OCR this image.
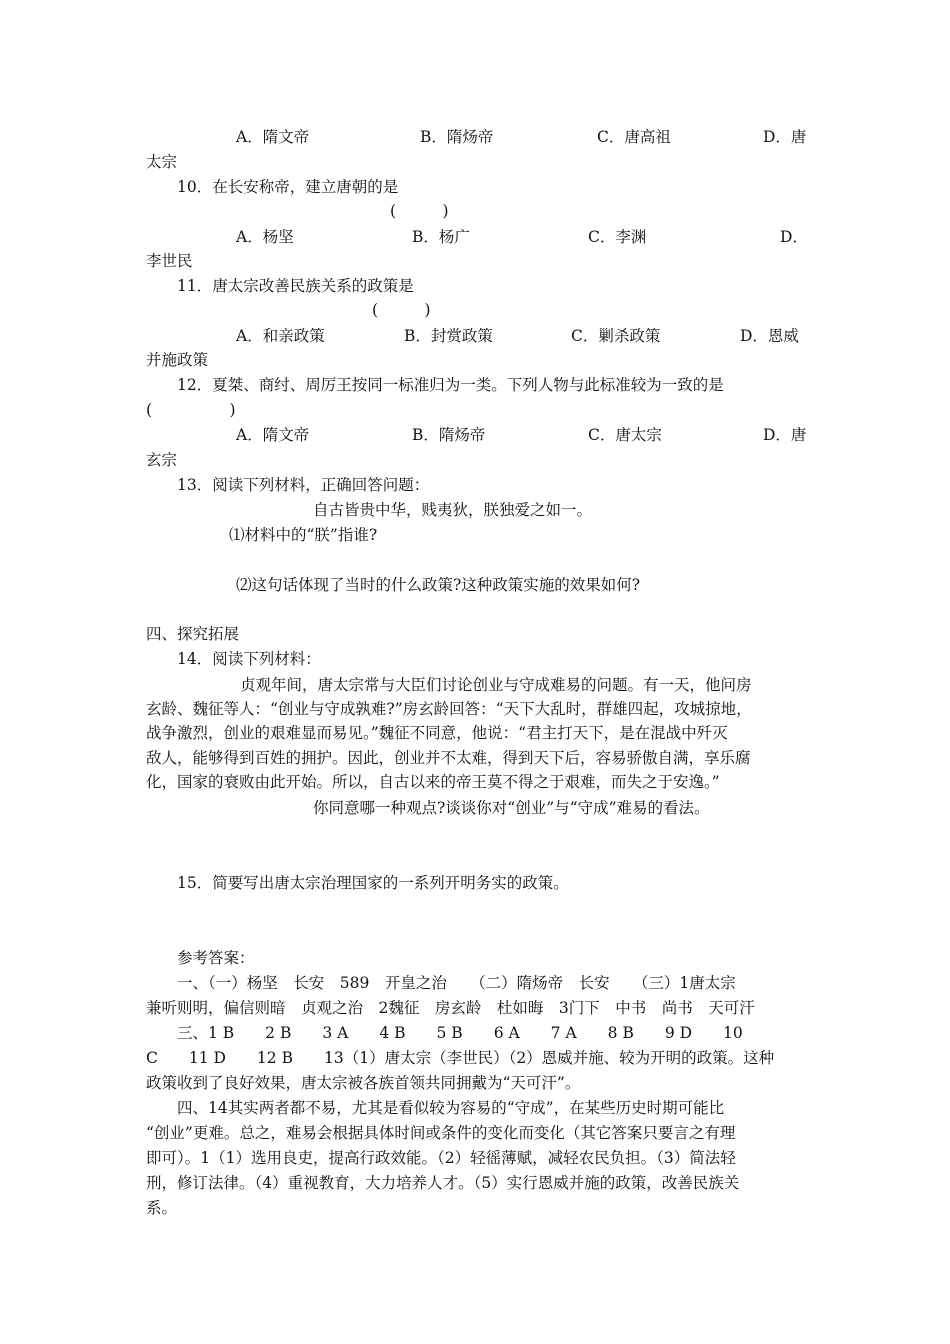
A．隋文帝	B．隋炀帝	C．唐高祖	D．唐
太宗
10．在长安称帝，建立唐朝的是
(　　　)
A．杨坚	B．杨广	C．李渊	D．
李世民
11．唐太宗改善民族关系的政策是
(　　　)
A．和亲政策	B．封赏政策	C．剿杀政策	D．恩威
并施政策
12．夏桀、商纣、周厉王按同一标准归为一类。下列人物与此标准较为一致的是
(　　　　　)
A．隋文帝	B．隋炀帝	C．唐太宗	D．唐
玄宗
13．阅读下列材料，正确回答问题：
自古皆贵中华，贱夷狄，朕独爱之如一。
⑴材料中的“朕”指谁?
⑵这句话体现了当时的什么政策?这种政策实施的效果如何?
四、探究拓展
14．阅读下列材料：
贞观年间，唐太宗常与大臣们讨论创业与守成难易的问题。有一天，他问房
玄龄、魏征等人：“创业与守成孰难?”房玄龄回答：“天下大乱时，群雄四起，攻城掠地，
战争激烈，创业的艰难显而易见。”魏征不同意，他说：“君主打天下，是在混战中歼灭
敌人，能够得到百姓的拥护。因此，创业并不太难，得到天下后，容易骄傲自满，享乐腐
化，国家的衰败由此开始。所以，自古以来的帝王莫不得之于艰难，而失之于安逸。”
你同意哪一种观点?谈谈你对“创业”与“守成”难易的看法。
15．简要写出唐太宗治理国家的一系列开明务实的政策。
参考答案：
一、（一）杨坚　长安　589　开皇之治　　（二）隋炀帝　长安　　（三）1唐太宗
兼听则明，偏信则暗　贞观之治　2魏征　房玄龄　杜如晦　3门下　中书　尚书　天可汗
三、1 B　　2 B　　3 A　　4 B　　5 B　　6 A　　7 A　　8 B　　9 D　　10
C　　11 D　　12 B　　13（1）唐太宗（李世民）（2）恩威并施、较为开明的政策。这种
政策收到了良好效果，唐太宗被各族首领共同拥戴为“天可汗”。
四、14其实两者都不易，尤其是看似较为容易的“守成”，在某些历史时期可能比
“创业”更难。总之，难易会根据具体时间或条件的变化而变化（其它答案只要言之有理
即可）。1（1）选用良吏，提高行政效能。（2）轻徭薄赋，减轻农民负担。（3）简法轻
刑，修订法律。（4）重视教育，大力培养人才。（5）实行恩威并施的政策，改善民族关
系。
